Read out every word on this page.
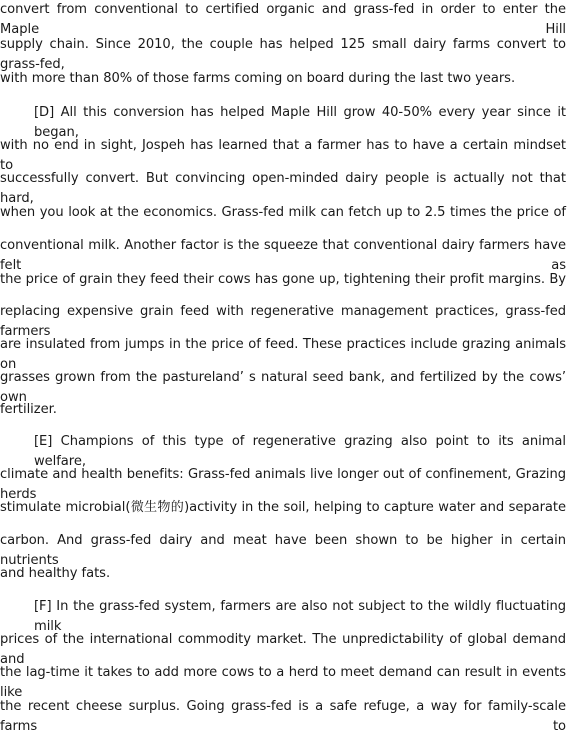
convert from conventional to certified organic and grass-fed in order to enter the Maple Hill
supply chain. Since 2010, the couple has helped 125 small dairy farms convert to grass-fed,
with more than 80% of those farms coming on board during the last two years.
[D] All this conversion has helped Maple Hill grow 40-50% every year since it began,
with no end in sight, Jospeh has learned that a farmer has to have a certain mindset to
successfully convert. But convincing open-minded dairy people is actually not that hard,
when you look at the economics. Grass-fed milk can fetch up to 2.5 times the price of
conventional milk. Another factor is the squeeze that conventional dairy farmers have felt as
the price of grain they feed their cows has gone up, tightening their profit margins. By
replacing expensive grain feed with regenerative management practices, grass-fed farmers
are insulated from jumps in the price of feed. These practices include grazing animals on
grasses grown from the pastureland’ s natural seed bank, and fertilized by the cows’ own
fertilizer.
[E] Champions of this type of regenerative grazing also point to its animal welfare,
climate and health benefits: Grass-fed animals live longer out of confinement, Grazing herds
stimulate microbial(微生物的)activity in the soil, helping to capture water and separate
carbon. And grass-fed dairy and meat have been shown to be higher in certain nutrients
and healthy fats.
[F] In the grass-fed system, farmers are also not subject to the wildly fluctuating milk
prices of the international commodity market. The unpredictability of global demand and
the lag-time it takes to add more cows to a herd to meet demand can result in events like
the recent cheese surplus. Going grass-fed is a safe refuge, a way for family-scale farms to
